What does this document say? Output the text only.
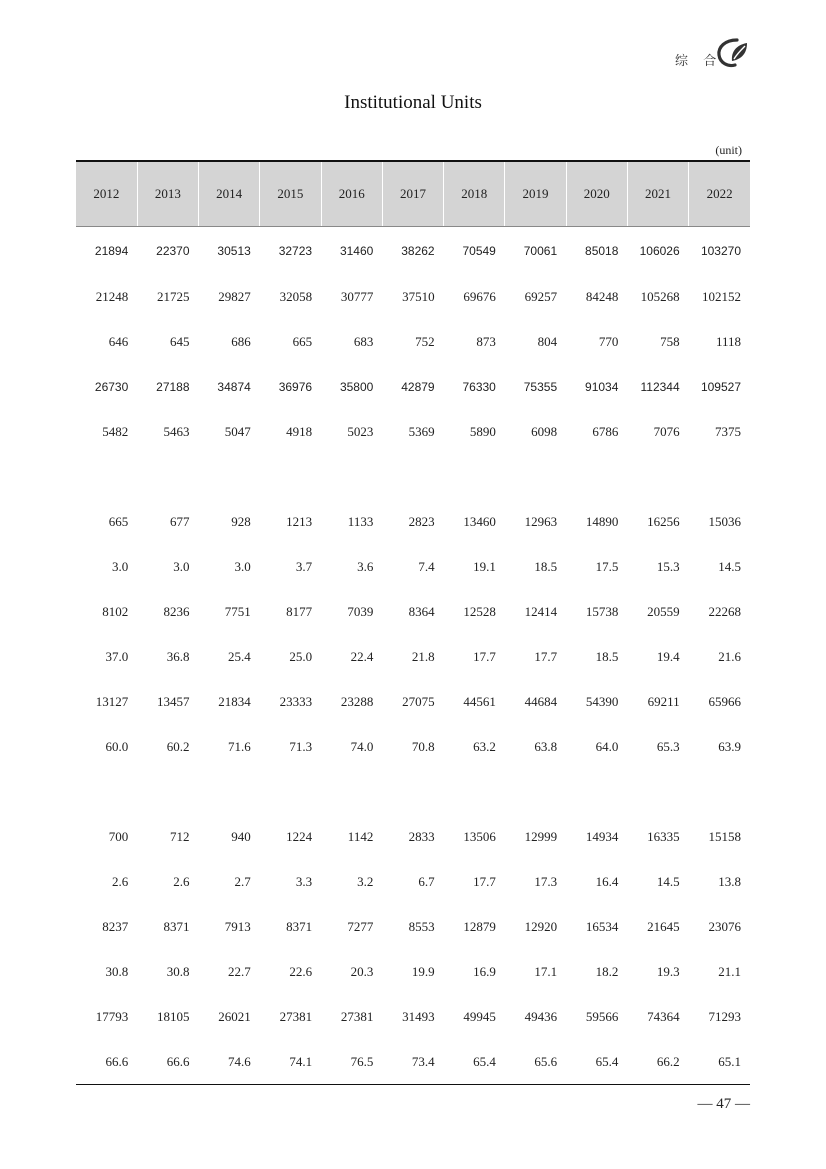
综 合
Institutional Units
(unit)
2012	2013	2014	2015	2016	2017	2018	2019	2020	2021	2022
21894	22370	30513	32723	31460	38262	70549	70061	85018	106026	103270
21248	21725	29827	32058	30777	37510	69676	69257	84248	105268	102152
646	645	686	665	683	752	873	804	770	758	1118
26730	27188	34874	36976	35800	42879	76330	75355	91034	112344	109527
5482	5463	5047	4918	5023	5369	5890	6098	6786	7076	7375

665	677	928	1213	1133	2823	13460	12963	14890	16256	15036
3.0	3.0	3.0	3.7	3.6	7.4	19.1	18.5	17.5	15.3	14.5
8102	8236	7751	8177	7039	8364	12528	12414	15738	20559	22268
37.0	36.8	25.4	25.0	22.4	21.8	17.7	17.7	18.5	19.4	21.6
13127	13457	21834	23333	23288	27075	44561	44684	54390	69211	65966
60.0	60.2	71.6	71.3	74.0	70.8	63.2	63.8	64.0	65.3	63.9

700	712	940	1224	1142	2833	13506	12999	14934	16335	15158
2.6	2.6	2.7	3.3	3.2	6.7	17.7	17.3	16.4	14.5	13.8
8237	8371	7913	8371	7277	8553	12879	12920	16534	21645	23076
30.8	30.8	22.7	22.6	20.3	19.9	16.9	17.1	18.2	19.3	21.1
17793	18105	26021	27381	27381	31493	49945	49436	59566	74364	71293
66.6	66.6	74.6	74.1	76.5	73.4	65.4	65.6	65.4	66.2	65.1
— 47 —
